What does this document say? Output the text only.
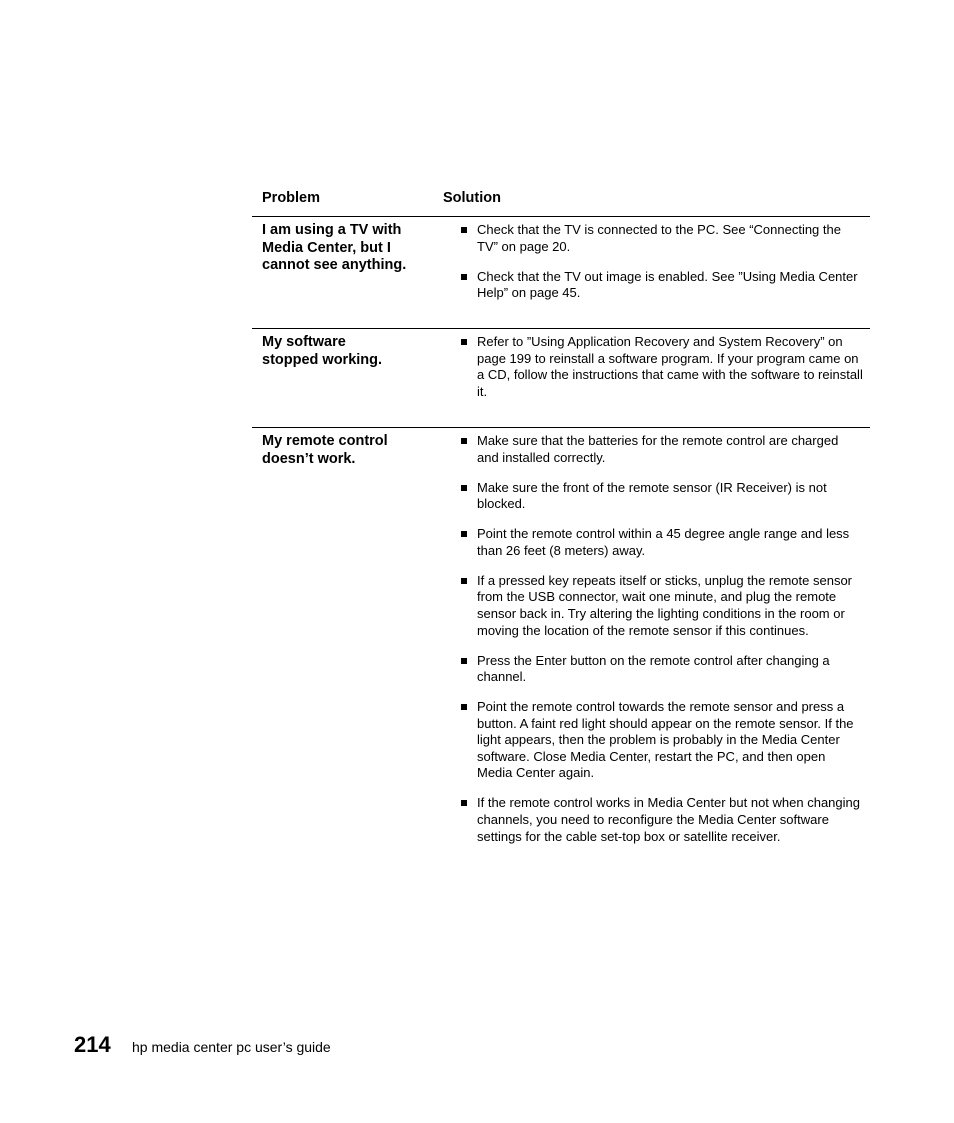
Problem	Solution
I am using a TV with Media Center, but I cannot see anything.
Check that the TV is connected to the PC. See “Connecting the TV” on page 20.
Check that the TV out image is enabled. See ”Using Media Center Help” on page 45.
My software stopped working.
Refer to ”Using Application Recovery and System Recovery” on page 199 to reinstall a software program. If your program came on a CD, follow the instructions that came with the software to reinstall it.
My remote control doesn’t work.
Make sure that the batteries for the remote control are charged and installed correctly.
Make sure the front of the remote sensor (IR Receiver) is not blocked.
Point the remote control within a 45 degree angle range and less than 26 feet (8 meters) away.
If a pressed key repeats itself or sticks, unplug the remote sensor from the USB connector, wait one minute, and plug the remote sensor back in. Try altering the lighting conditions in the room or moving the location of the remote sensor if this continues.
Press the Enter button on the remote control after changing a channel.
Point the remote control towards the remote sensor and press a button. A faint red light should appear on the remote sensor. If the light appears, then the problem is probably in the Media Center software. Close Media Center, restart the PC, and then open Media Center again.
If the remote control works in Media Center but not when changing channels, you need to reconfigure the Media Center software settings for the cable set-top box or satellite receiver.
214 hp media center pc user’s guide
